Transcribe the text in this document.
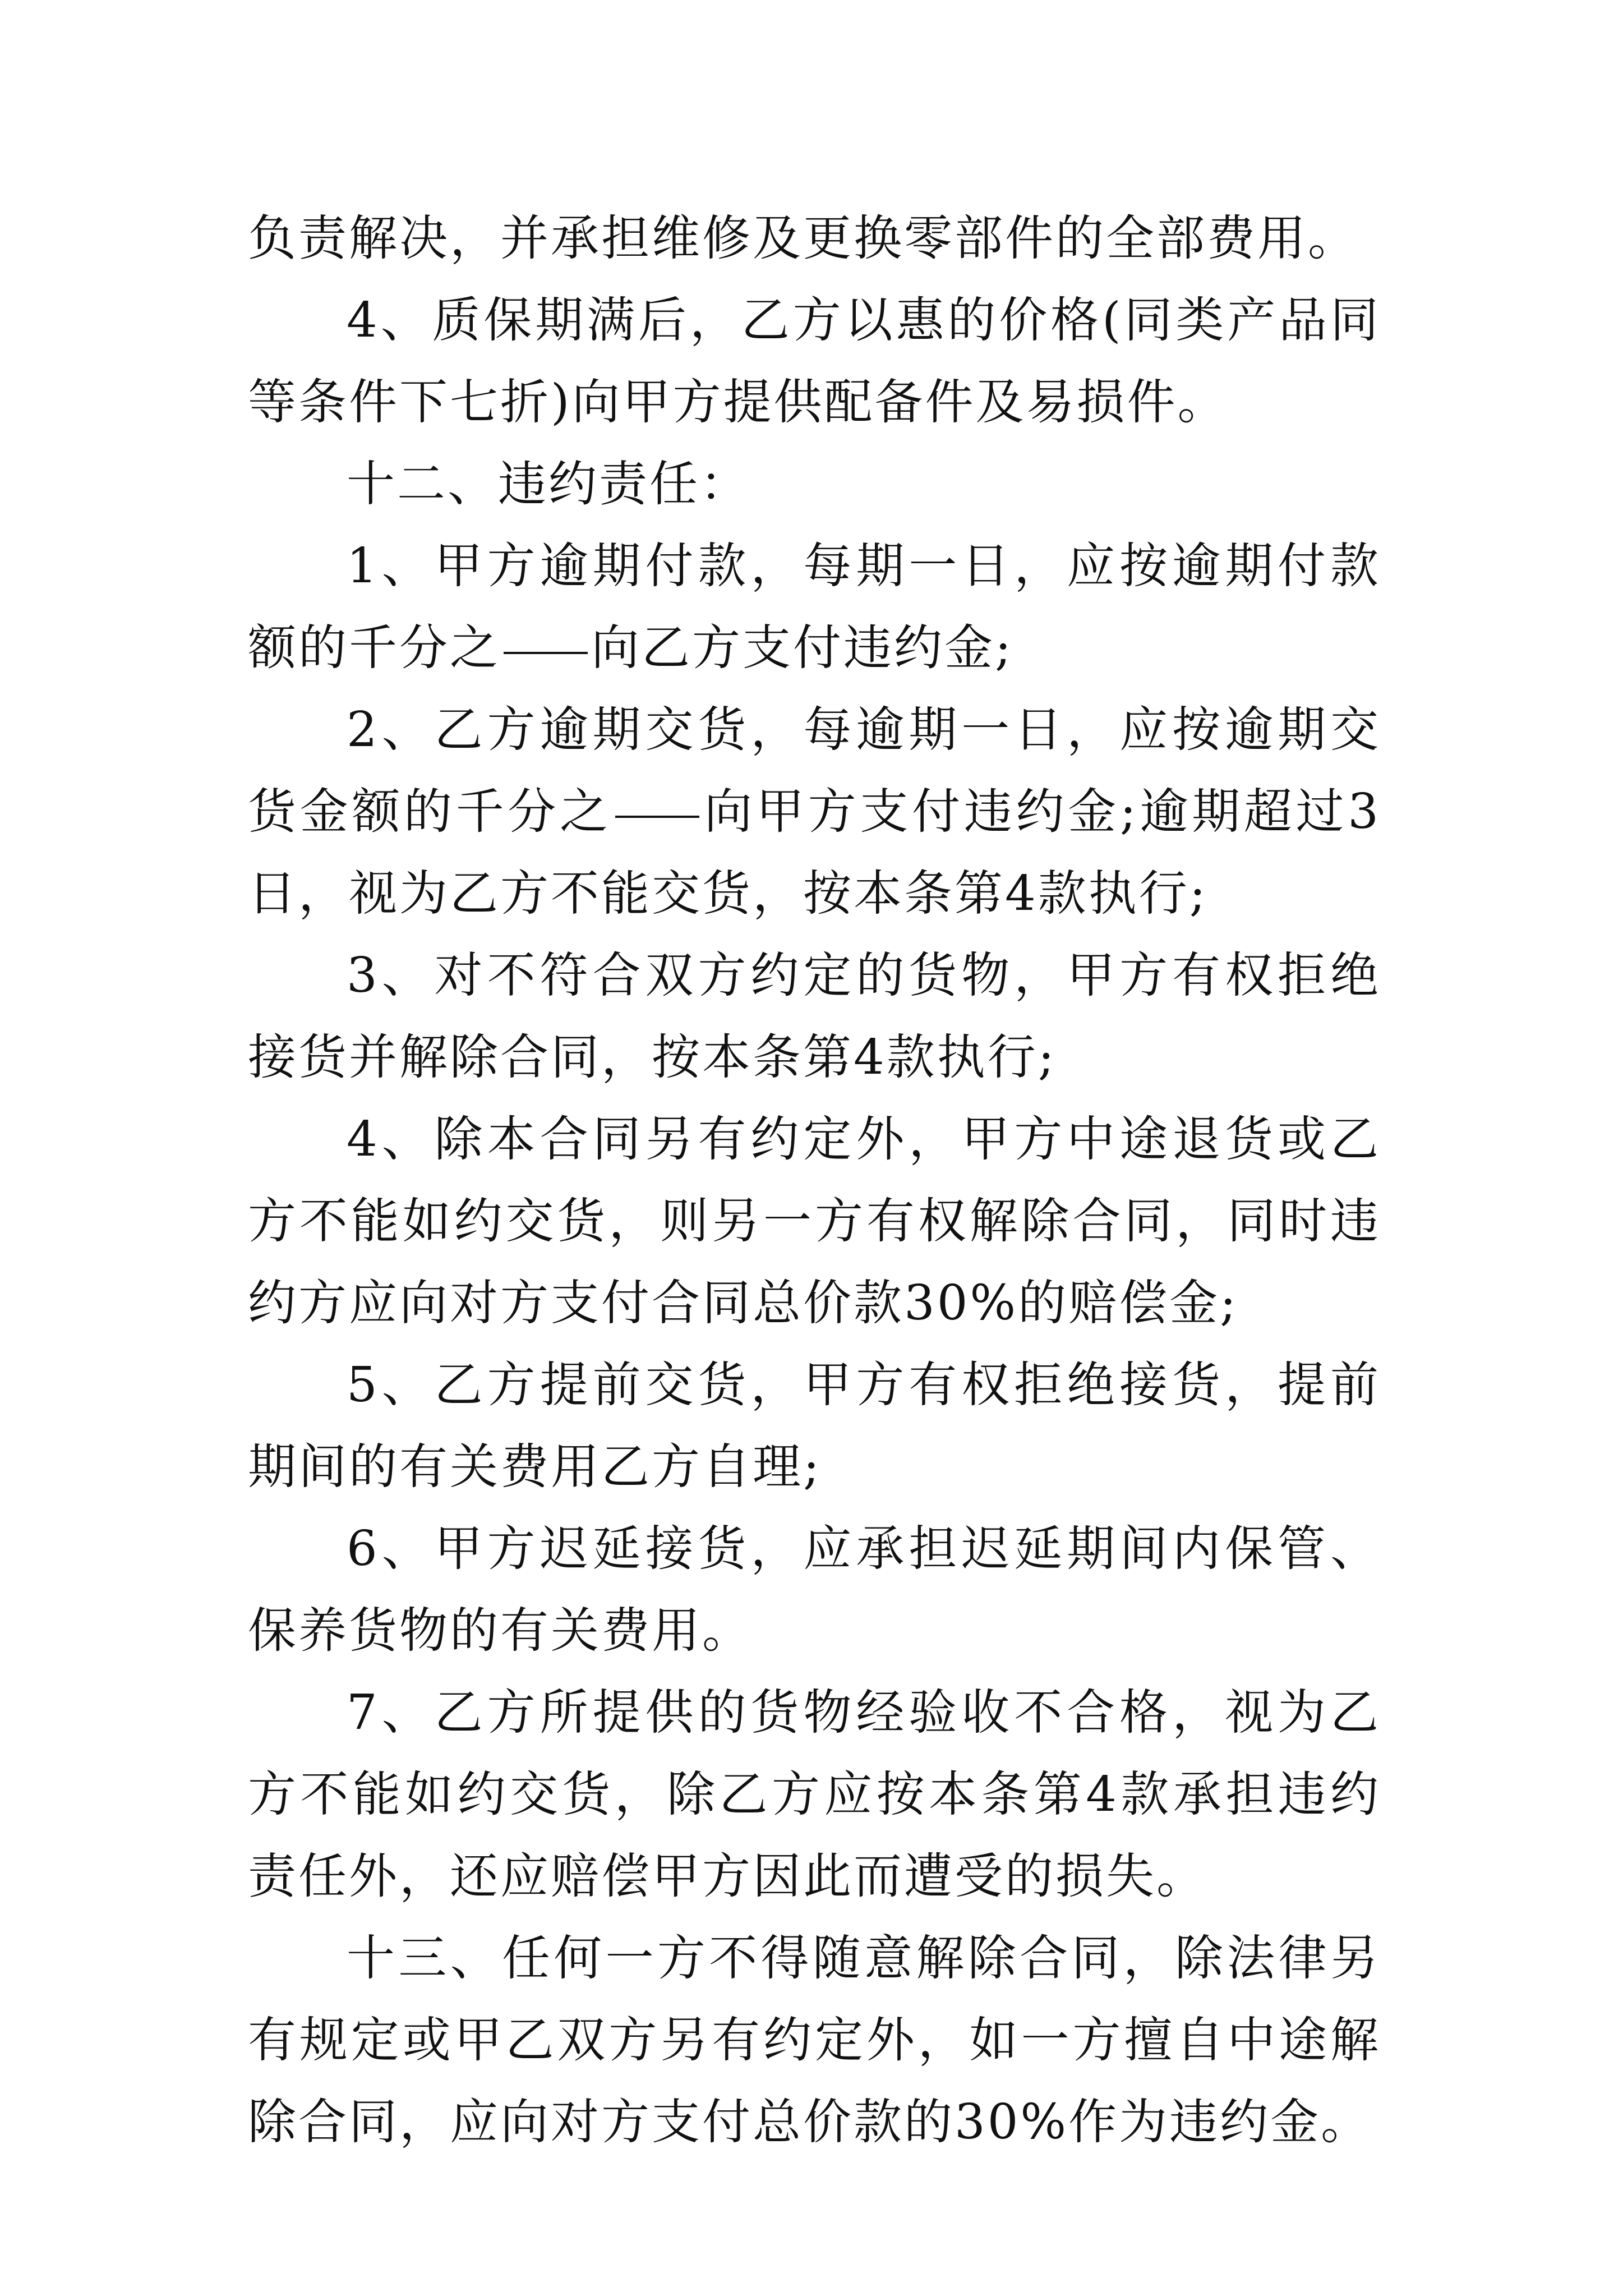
负责解决，并承担维修及更换零部件的全部费用。

4、质保期满后，乙方以惠的价格(同类产品同等条件下七折)向甲方提供配备件及易损件。

十二、违约责任：

1、甲方逾期付款，每期一日，应按逾期付款额的千分之 向乙方支付违约金;

2、乙方逾期交货，每逾期一日，应按逾期交货金额的千分之 向甲方支付违约金;逾期超过3日，视为乙方不能交货，按本条第4款执行;

3、对不符合双方约定的货物，甲方有权拒绝接货并解除合同，按本条第4款执行;

4、除本合同另有约定外，甲方中途退货或乙方不能如约交货，则另一方有权解除合同，同时违约方应向对方支付合同总价款30%的赔偿金;

5、乙方提前交货，甲方有权拒绝接货，提前期间的有关费用乙方自理;

6、甲方迟延接货，应承担迟延期间内保管、保养货物的有关费用。

7、乙方所提供的货物经验收不合格，视为乙方不能如约交货，除乙方应按本条第4款承担违约责任外，还应赔偿甲方因此而遭受的损失。

十三、任何一方不得随意解除合同，除法律另有规定或甲乙双方另有约定外，如一方擅自中途解除合同，应向对方支付总价款的30%作为违约金。
